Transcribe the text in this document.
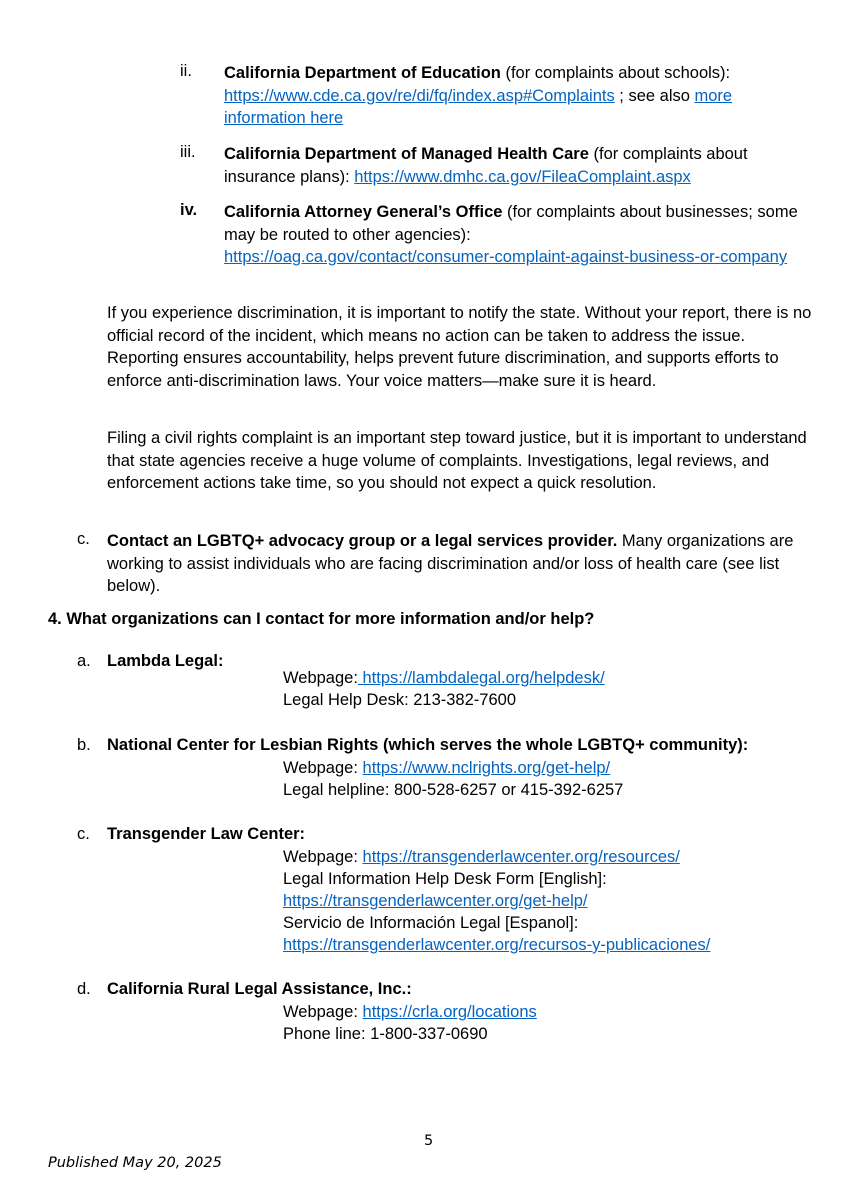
ii.	California Department of Education (for complaints about schools):
https://www.cde.ca.gov/re/di/fq/index.asp#Complaints ; see also more information here
iii.	California Department of Managed Health Care (for complaints about insurance plans): https://www.dmhc.ca.gov/FileaComplaint.aspx
iv.	California Attorney General’s Office (for complaints about businesses; some may be routed to other agencies):
https://oag.ca.gov/contact/consumer-complaint-against-business-or-company

If you experience discrimination, it is important to notify the state. Without your report, there is no official record of the incident, which means no action can be taken to address the issue. Reporting ensures accountability, helps prevent future discrimination, and supports efforts to enforce anti-discrimination laws. Your voice matters—make sure it is heard.

Filing a civil rights complaint is an important step toward justice, but it is important to understand that state agencies receive a huge volume of complaints. Investigations, legal reviews, and enforcement actions take time, so you should not expect a quick resolution.

c. Contact an LGBTQ+ advocacy group or a legal services provider. Many organizations are working to assist individuals who are facing discrimination and/or loss of health care (see list below).
4. What organizations can I contact for more information and/or help?
a. Lambda Legal:
Webpage: https://lambdalegal.org/helpdesk/
Legal Help Desk: 213-382-7600
b. National Center for Lesbian Rights (which serves the whole LGBTQ+ community):
Webpage: https://www.nclrights.org/get-help/
Legal helpline: 800-528-6257 or 415-392-6257
c. Transgender Law Center:
Webpage: https://transgenderlawcenter.org/resources/
Legal Information Help Desk Form [English]:
https://transgenderlawcenter.org/get-help/
Servicio de Información Legal [Espanol]:
https://transgenderlawcenter.org/recursos-y-publicaciones/
d. California Rural Legal Assistance, Inc.:
Webpage: https://crla.org/locations
Phone line: 1-800-337-0690
5
Published May 20, 2025
